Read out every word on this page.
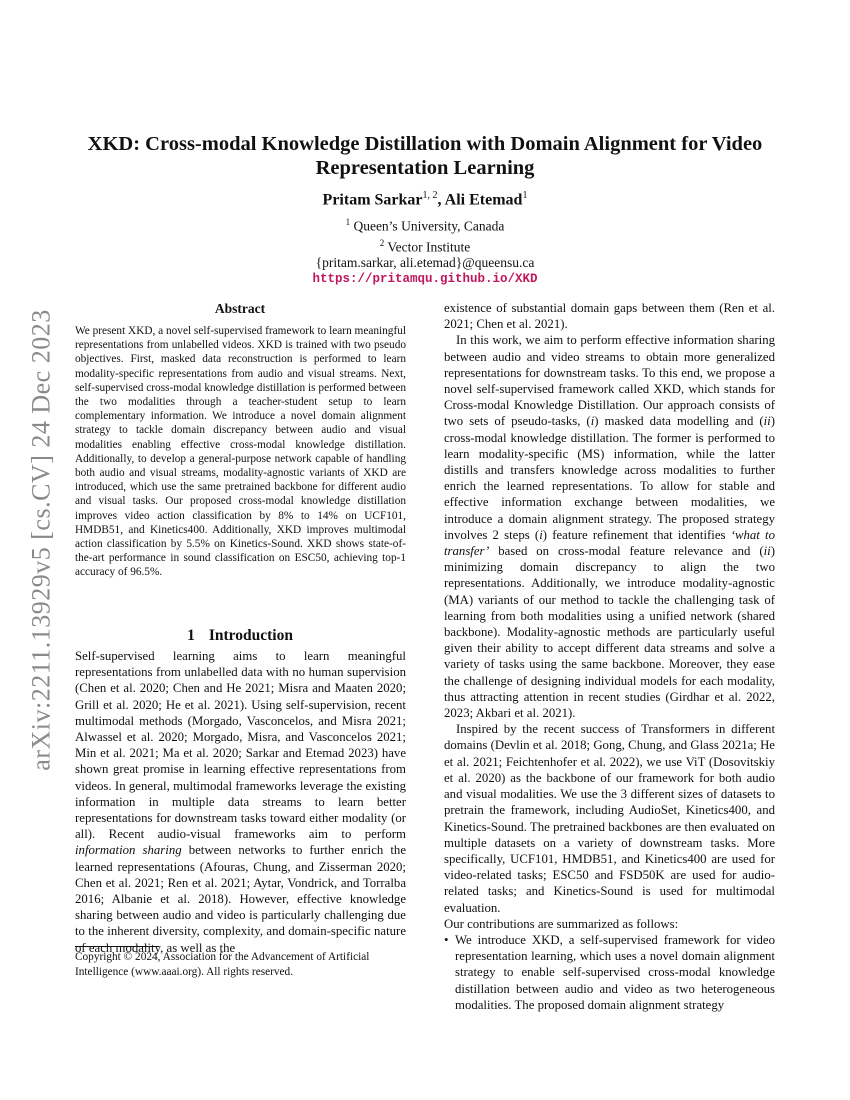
arXiv:2211.13929v5 [cs.CV] 24 Dec 2023
XKD: Cross-modal Knowledge Distillation with Domain Alignment for Video Representation Learning
Pritam Sarkar$^{1, 2}$, Ali Etemad$^1$
$^1$ Queen’s University, Canada
$^2$ Vector Institute
{pritam.sarkar, ali.etemad}@queensu.ca
https://pritamqu.github.io/XKD
Abstract
We present XKD, a novel self-supervised framework to learn meaningful representations from unlabelled videos. XKD is trained with two pseudo objectives. First, masked data reconstruction is performed to learn modality-specific representations from audio and visual streams. Next, self-supervised cross-modal knowledge distillation is performed between the two modalities through a teacher-student setup to learn complementary information. We introduce a novel domain alignment strategy to tackle domain discrepancy between audio and visual modalities enabling effective cross-modal knowledge distillation. Additionally, to develop a general-purpose network capable of handling both audio and visual streams, modality-agnostic variants of XKD are introduced, which use the same pretrained backbone for different audio and visual tasks. Our proposed cross-modal knowledge distillation improves video action classification by 8% to 14% on UCF101, HMDB51, and Kinetics400. Additionally, XKD improves multimodal action classification by 5.5% on Kinetics-Sound. XKD shows state-of-the-art performance in sound classification on ESC50, achieving top-1 accuracy of 96.5%.
1 Introduction
Self-supervised learning aims to learn meaningful representations from unlabelled data with no human supervision (Chen et al. 2020; Chen and He 2021; Misra and Maaten 2020; Grill et al. 2020; He et al. 2021). Using self-supervision, recent multimodal methods (Morgado, Vasconcelos, and Misra 2021; Alwassel et al. 2020; Morgado, Misra, and Vasconcelos 2021; Min et al. 2021; Ma et al. 2020; Sarkar and Etemad 2023) have shown great promise in learning effective representations from videos. In general, multimodal frameworks leverage the existing information in multiple data streams to learn better representations for downstream tasks toward either modality (or all). Recent audio-visual frameworks aim to perform information sharing between networks to further enrich the learned representations (Afouras, Chung, and Zisserman 2020; Chen et al. 2021; Ren et al. 2021; Aytar, Vondrick, and Torralba 2016; Albanie et al. 2018). However, effective knowledge sharing between audio and video is particularly challenging due to the inherent diversity, complexity, and domain-specific nature of each modality, as well as the
Copyright © 2024, Association for the Advancement of Artificial Intelligence (www.aaai.org). All rights reserved.

existence of substantial domain gaps between them (Ren et al. 2021; Chen et al. 2021).

In this work, we aim to perform effective information sharing between audio and video streams to obtain more generalized representations for downstream tasks. To this end, we propose a novel self-supervised framework called XKD, which stands for Cross-modal Knowledge Distillation. Our approach consists of two sets of pseudo-tasks, (i) masked data modelling and (ii) cross-modal knowledge distillation. The former is performed to learn modality-specific (MS) information, while the latter distills and transfers knowledge across modalities to further enrich the learned representations. To allow for stable and effective information exchange between modalities, we introduce a domain alignment strategy. The proposed strategy involves 2 steps (i) feature refinement that identifies ‘what to transfer’ based on cross-modal feature relevance and (ii) minimizing domain discrepancy to align the two representations. Additionally, we introduce modality-agnostic (MA) variants of our method to tackle the challenging task of learning from both modalities using a unified network (shared backbone). Modality-agnostic methods are particularly useful given their ability to accept different data streams and solve a variety of tasks using the same backbone. Moreover, they ease the challenge of designing individual models for each modality, thus attracting attention in recent studies (Girdhar et al. 2022, 2023; Akbari et al. 2021).

Inspired by the recent success of Transformers in different domains (Devlin et al. 2018; Gong, Chung, and Glass 2021a; He et al. 2021; Feichtenhofer et al. 2022), we use ViT (Dosovitskiy et al. 2020) as the backbone of our framework for both audio and visual modalities. We use the 3 different sizes of datasets to pretrain the framework, including AudioSet, Kinetics400, and Kinetics-Sound. The pretrained backbones are then evaluated on multiple datasets on a variety of downstream tasks. More specifically, UCF101, HMDB51, and Kinetics400 are used for video-related tasks; ESC50 and FSD50K are used for audio-related tasks; and Kinetics-Sound is used for multimodal evaluation.

Our contributions are summarized as follows:

• We introduce XKD, a self-supervised framework for video representation learning, which uses a novel domain alignment strategy to enable self-supervised cross-modal knowledge distillation between audio and video as two heterogeneous modalities. The proposed domain alignment strategy
